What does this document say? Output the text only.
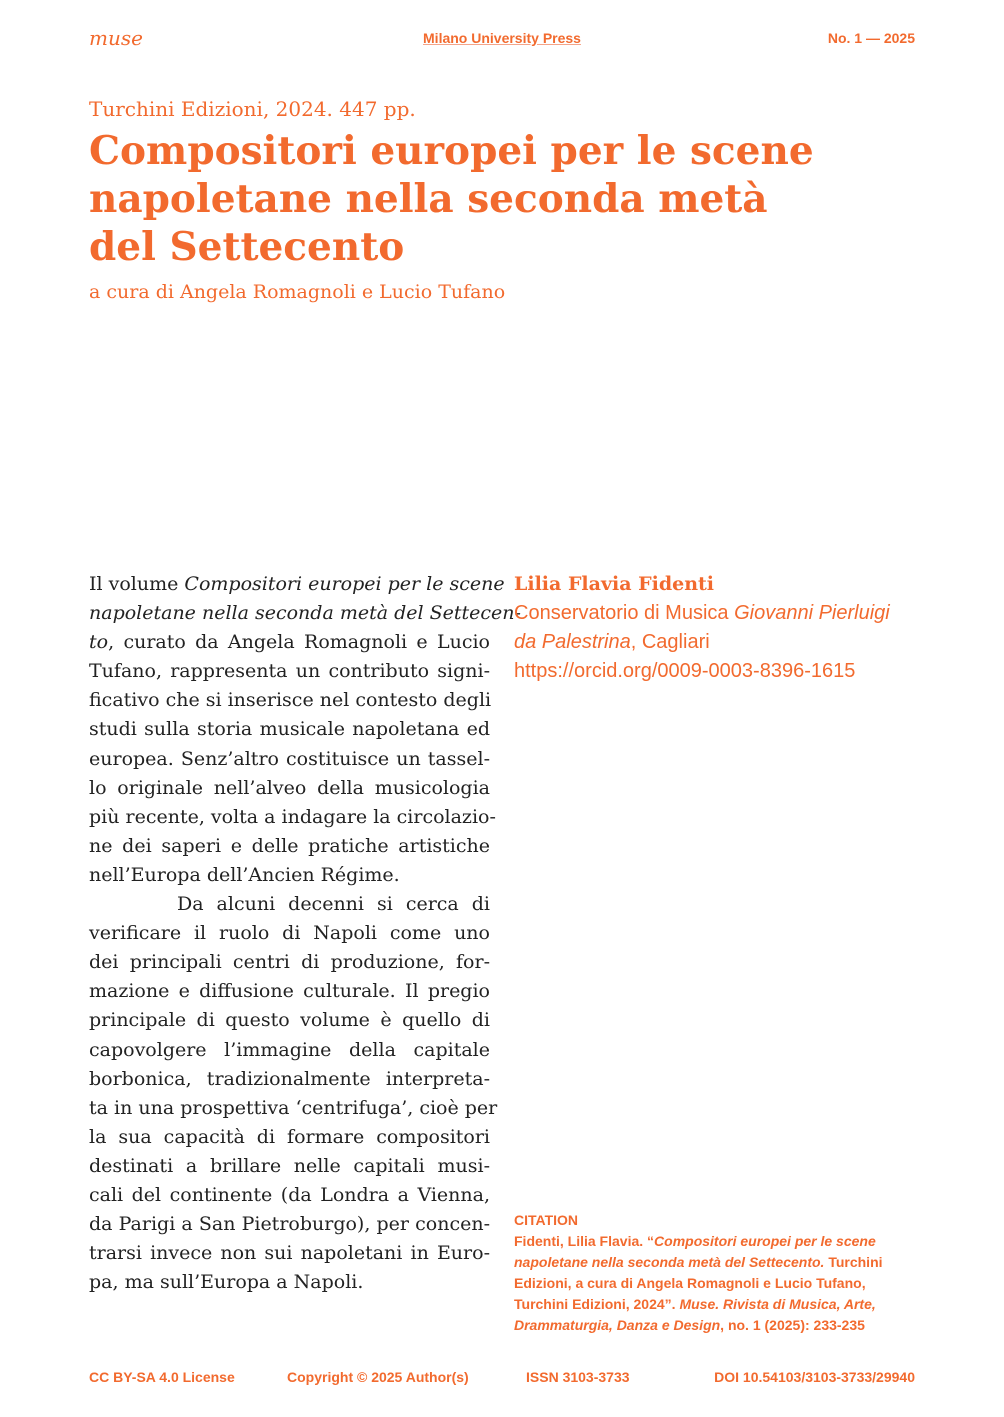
muse	Milano University Press	No. 1 — 2025
Turchini Edizioni, 2024. 447 pp.
Compositori europei per le scene
napoletane nella seconda metà
del Settecento
a cura di Angela Romagnoli e Lucio Tufano
Il volume Compositori europei per le scene
napoletane nella seconda metà del Settecen-
to, curato da Angela Romagnoli e Lucio
Tufano, rappresenta un contributo signi-
ficativo che si inserisce nel contesto degli
studi sulla storia musicale napoletana ed
europea. Senz’altro costituisce un tassel-
lo originale nell’alveo della musicologia
più recente, volta a indagare la circolazio-
ne dei saperi e delle pratiche artistiche
nell’Europa dell’Ancien Régime.
Da alcuni decenni si cerca di
verificare il ruolo di Napoli come uno
dei principali centri di produzione, for-
mazione e diffusione culturale. Il pregio
principale di questo volume è quello di
capovolgere l’immagine della capitale
borbonica, tradizionalmente interpreta-
ta in una prospettiva ‘centrifuga’, cioè per
la sua capacità di formare compositori
destinati a brillare nelle capitali musi-
cali del continente (da Londra a Vienna,
da Parigi a San Pietroburgo), per concen-
trarsi invece non sui napoletani in Euro-
pa, ma sull’Europa a Napoli.
Lilia Flavia Fidenti
Conservatorio di Musica Giovanni Pierluigi
da Palestrina, Cagliari
https://orcid.org/0009-0003-8396-1615
CITATION
Fidenti, Lilia Flavia. “Compositori europei per le scene napoletane nella seconda metà del Settecento. Turchini Edizioni, a cura di Angela Romagnoli e Lucio Tufano, Turchini Edizioni, 2024”. Muse. Rivista di Musica, Arte, Drammaturgia, Danza e Design, no. 1 (2025): 233-235
CC BY-SA 4.0 License	Copyright © 2025 Author(s)	ISSN 3103-3733	DOI 10.54103/3103-3733/29940
